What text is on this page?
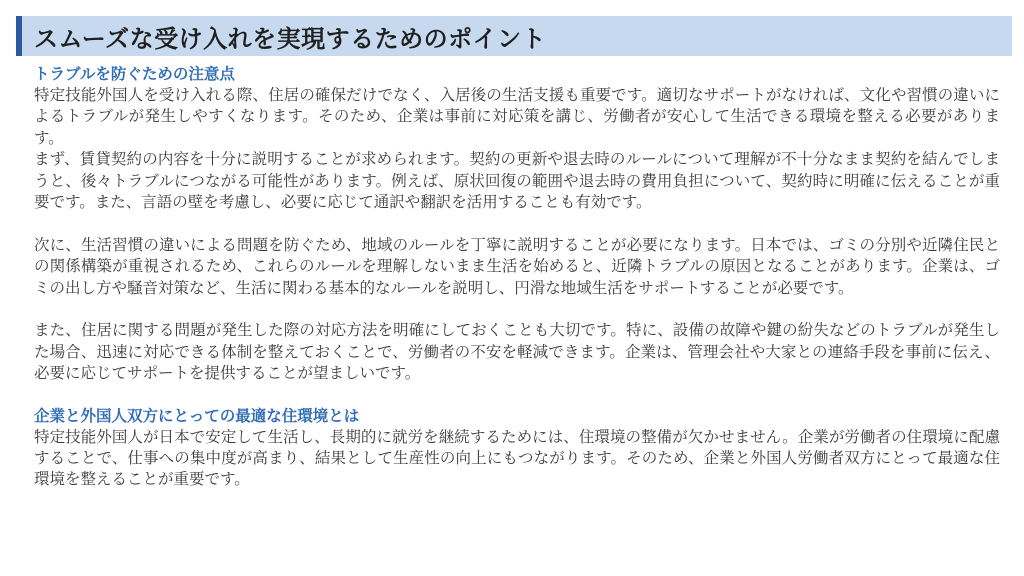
スムーズな受け入れを実現するためのポイント
トラブルを防ぐための注意点

特定技能外国人を受け入れる際、住居の確保だけでなく、入居後の生活支援も重要です。適切なサポートがなければ、文化や習慣の違いによるトラブルが発生しやすくなります。そのため、企業は事前に対応策を講じ、労働者が安心して生活できる環境を整える必要があります。

まず、賃貸契約の内容を十分に説明することが求められます。契約の更新や退去時のルールについて理解が不十分なまま契約を結んでしまうと、後々トラブルにつながる可能性があります。例えば、原状回復の範囲や退去時の費用負担について、契約時に明確に伝えることが重要です。また、言語の壁を考慮し、必要に応じて通訳や翻訳を活用することも有効です。

次に、生活習慣の違いによる問題を防ぐため、地域のルールを丁寧に説明することが必要になります。日本では、ゴミの分別や近隣住民との関係構築が重視されるため、これらのルールを理解しないまま生活を始めると、近隣トラブルの原因となることがあります。企業は、ゴミの出し方や騒音対策など、生活に関わる基本的なルールを説明し、円滑な地域生活をサポートすることが必要です。

また、住居に関する問題が発生した際の対応方法を明確にしておくことも大切です。特に、設備の故障や鍵の紛失などのトラブルが発生した場合、迅速に対応できる体制を整えておくことで、労働者の不安を軽減できます。企業は、管理会社や大家との連絡手段を事前に伝え、必要に応じてサポートを提供することが望ましいです。

企業と外国人双方にとっての最適な住環境とは

特定技能外国人が日本で安定して生活し、長期的に就労を継続するためには、住環境の整備が欠かせません。企業が労働者の住環境に配慮することで、仕事への集中度が高まり、結果として生産性の向上にもつながります。そのため、企業と外国人労働者双方にとって最適な住環境を整えることが重要です。
